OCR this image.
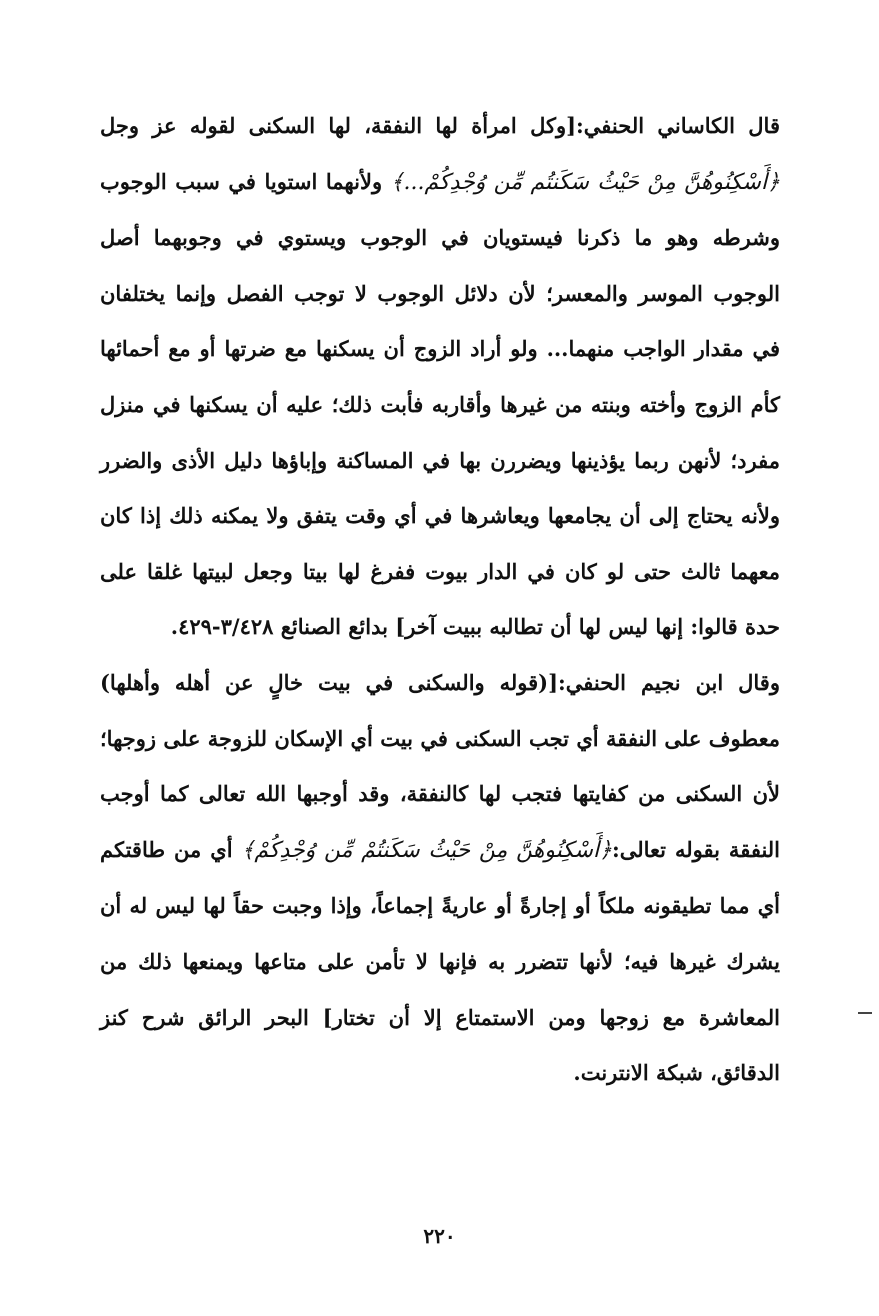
قال الكاساني الحنفي:[وكل امرأة لها النفقة، لها السكنى لقوله عز وجل ﴿أَسْكِنُوهُنَّ مِنْ حَيْثُ سَكَنتُم مِّن وُجْدِكُمْ...﴾ ولأنهما استويا في سبب الوجوب وشرطه وهو ما ذكرنا فيستويان في الوجوب ويستوي في وجوبهما أصل الوجوب الموسر والمعسر؛ لأن دلائل الوجوب لا توجب الفصل وإنما يختلفان في مقدار الواجب منهما... ولو أراد الزوج أن يسكنها مع ضرتها أو مع أحمائها كأم الزوج وأخته وبنته من غيرها وأقاربه فأبت ذلك؛ عليه أن يسكنها في منزل مفرد؛ لأنهن ربما يؤذينها ويضررن بها في المساكنة وإباؤها دليل الأذى والضرر ولأنه يحتاج إلى أن يجامعها ويعاشرها في أي وقت يتفق ولا يمكنه ذلك إذا كان معهما ثالث حتى لو كان في الدار بيوت ففرغ لها بيتا وجعل لبيتها غلقا على حدة قالوا: إنها ليس لها أن تطالبه ببيت آخر] بدائع الصنائع ٣/٤٢٨-٤٢٩.

وقال ابن نجيم الحنفي:[(قوله والسكنى في بيت خالٍ عن أهله وأهلها) معطوف على النفقة أي تجب السكنى في بيت أي الإسكان للزوجة على زوجها؛ لأن السكنى من كفايتها فتجب لها كالنفقة، وقد أوجبها الله تعالى كما أوجب النفقة بقوله تعالى:﴿أَسْكِنُوهُنَّ مِنْ حَيْثُ سَكَنتُمْ مِّن وُجْدِكُمْ﴾ أي من طاقتكم أي مما تطيقونه ملكاً أو إجارةً أو عاريةً إجماعاً، وإذا وجبت حقاً لها ليس له أن يشرك غيرها فيه؛ لأنها تتضرر به فإنها لا تأمن على متاعها ويمنعها ذلك من المعاشرة مع زوجها ومن الاستمتاع إلا أن تختار] البحر الرائق شرح كنز الدقائق، شبكة الانترنت.

٢٢٠
